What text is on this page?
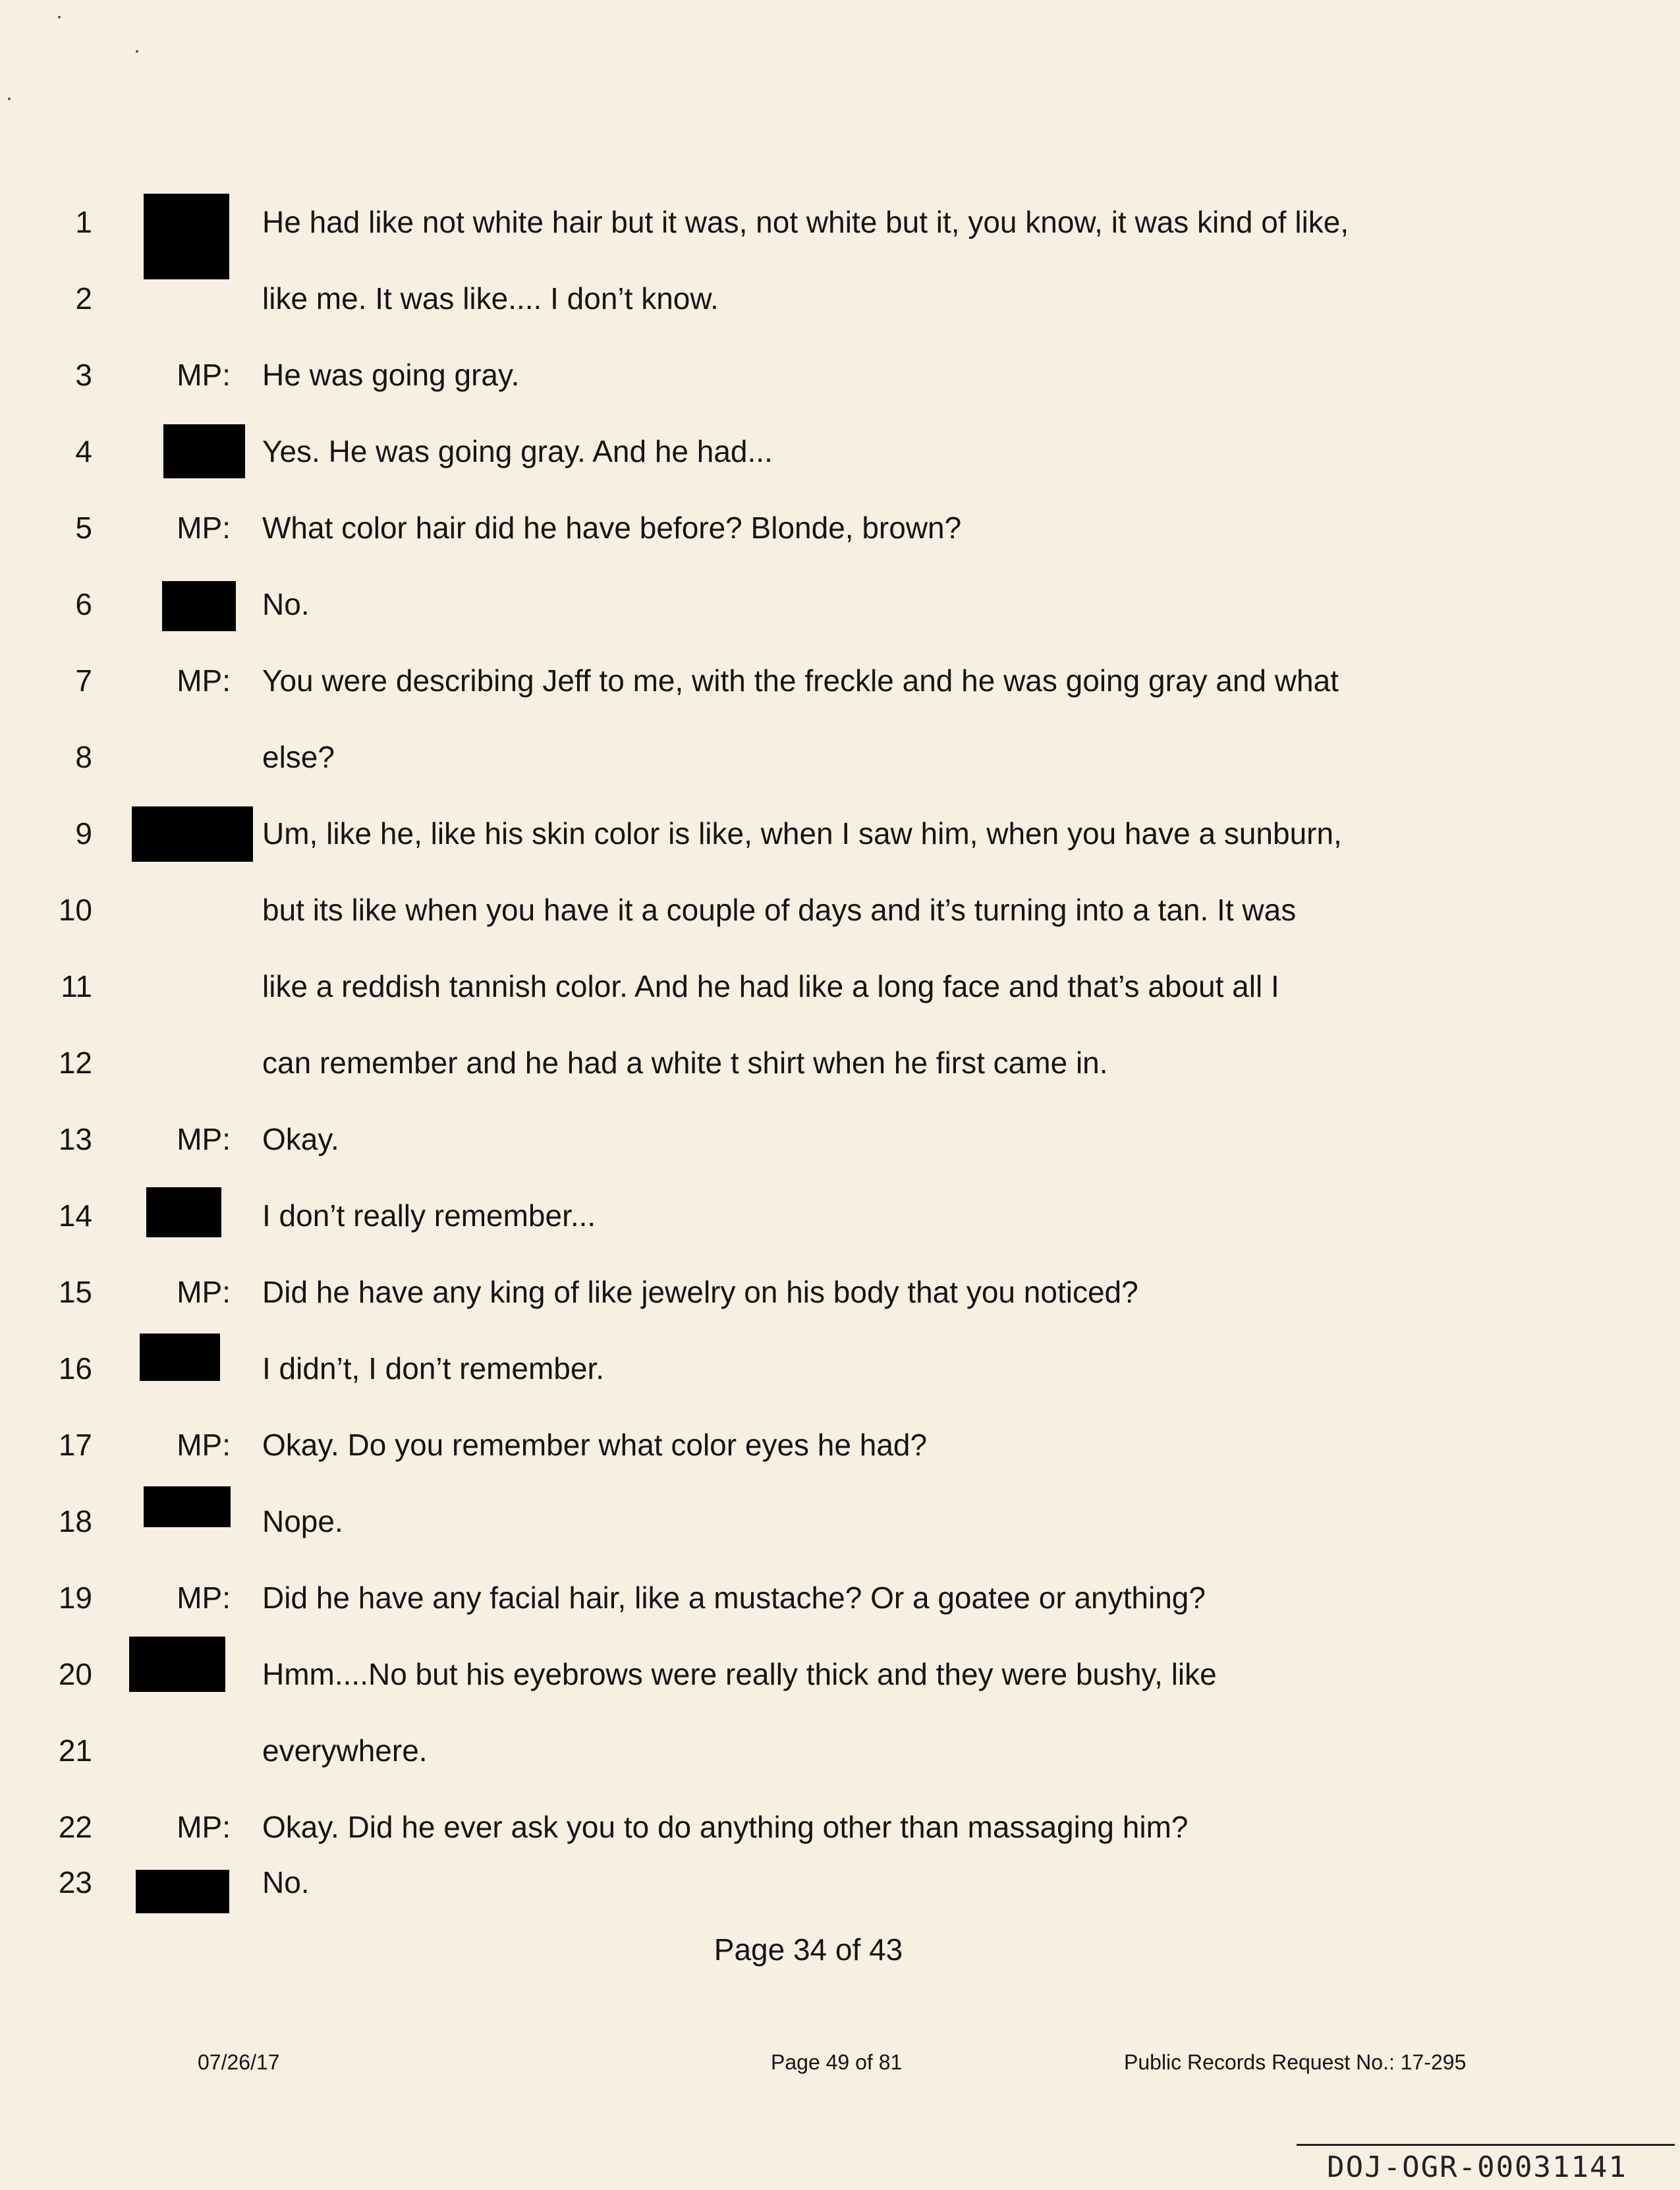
1	He had like not white hair but it was, not white but it, you know, it was kind of like,
2	like me. It was like.... I don’t know.
3	MP: He was going gray.
4	Yes. He was going gray. And he had...
5	MP: What color hair did he have before? Blonde, brown?
6	No.
7	MP: You were describing Jeff to me, with the freckle and he was going gray and what
8	else?
9	Um, like he, like his skin color is like, when I saw him, when you have a sunburn,
10	but its like when you have it a couple of days and it’s turning into a tan. It was
11	like a reddish tannish color. And he had like a long face and that’s about all I
12	can remember and he had a white t shirt when he first came in.
13	MP: Okay.
14	I don’t really remember...
15	MP: Did he have any king of like jewelry on his body that you noticed?
16	I didn’t, I don’t remember.
17	MP: Okay. Do you remember what color eyes he had?
18	Nope.
19	MP: Did he have any facial hair, like a mustache? Or a goatee or anything?
20	Hmm....No but his eyebrows were really thick and they were bushy, like
21	everywhere.
22	MP: Okay. Did he ever ask you to do anything other than massaging him?
23	No.
Page 34 of 43
07/26/17	Page 49 of 81	Public Records Request No.: 17-295
DOJ-OGR-00031141
